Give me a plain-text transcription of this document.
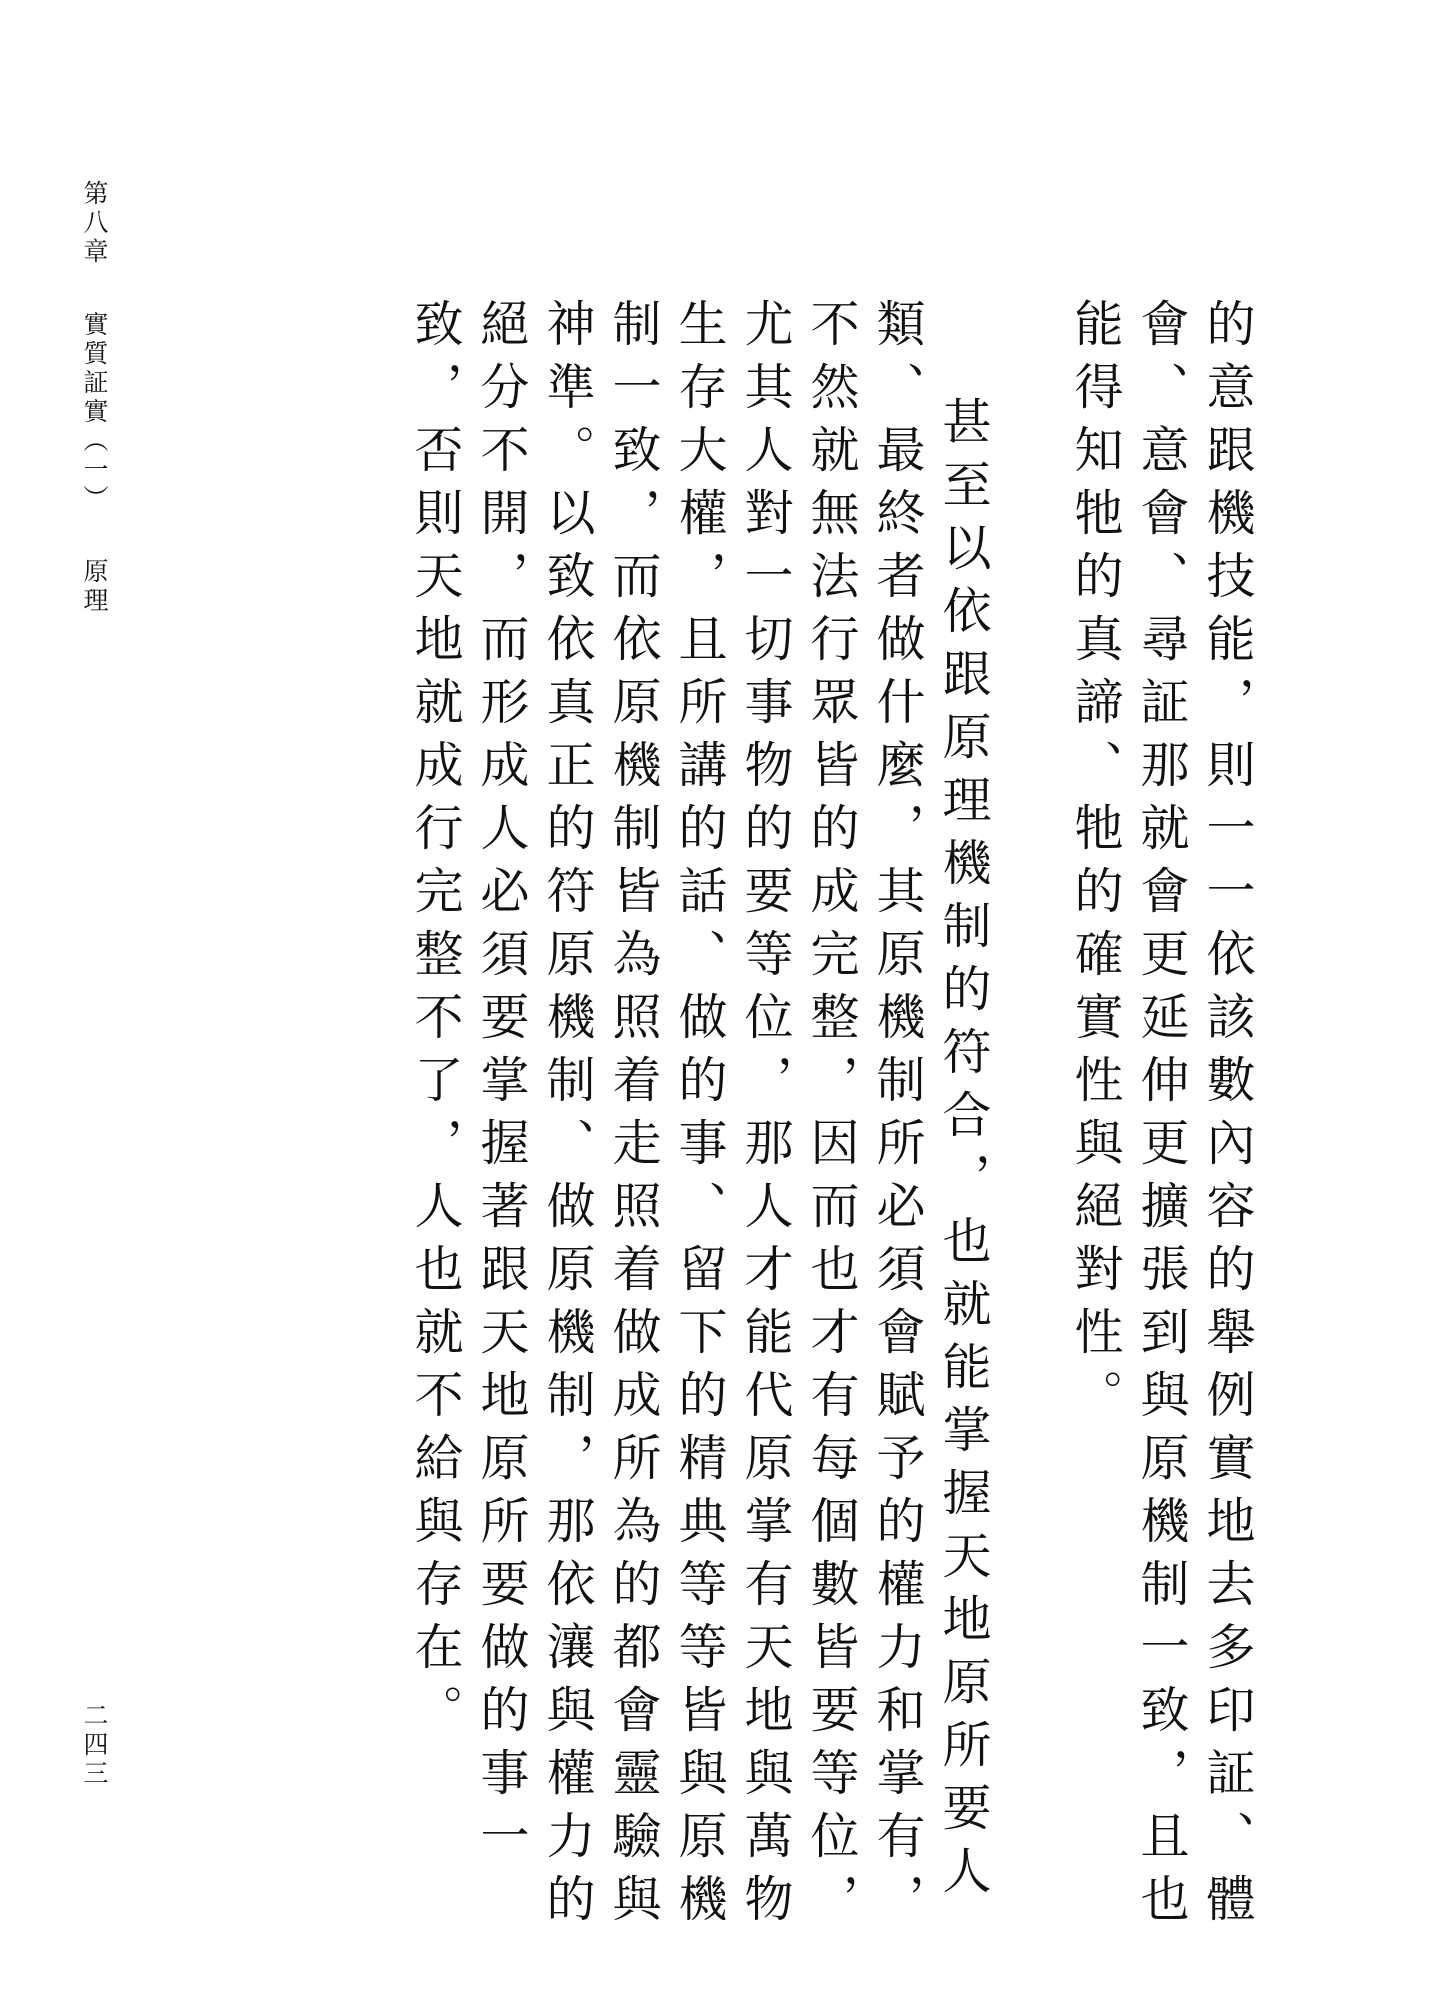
第八章實質証實（一）原理
二四三	的意跟機技能，則一一依該數內容的舉例實地去多印証、體會、意會、尋証那就會更延伸更擴張到與原機制一致，且也能得知牠的真諦、牠的確實性與絕對性。

甚至以依跟原理機制的符合，也就能掌握天地原所要人類、最終者做什麼，其原機制所必須會賦予的權力和掌有，不然就無法行眾皆的成完整，因而也才有每個數皆要等位，尤其人對一切事物的要等位，那人才能代原掌有天地與萬物生存大權，且所講的話、做的事、留下的精典等等皆與原機制一致，而依原機制皆為照着走照着做成所為的都會靈驗與神準。以致依真正的符原機制、做原機制，那依瀼與權力的絕分不開，而形成人必須要掌握著跟天地原所要做的事一致，否則天地就成行完整不了，人也就不給與存在。
